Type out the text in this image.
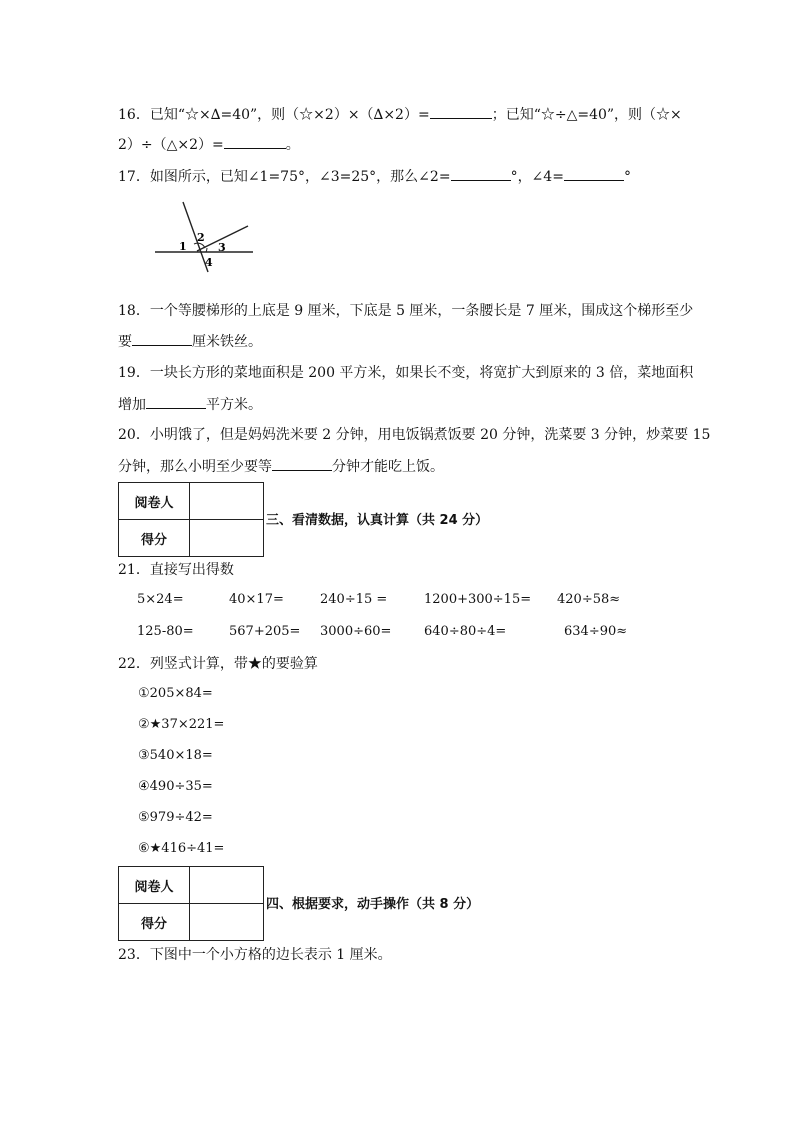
16．已知“☆×∆=40”，则（☆×2）×（∆×2）=	；已知“☆÷△=40”，则（☆×
2）÷（△×2）=	。
17．如图所示，已知∠1=75°，∠3=25°，那么∠2=	°，∠4=	°
1
2
3
4
18．一个等腰梯形的上底是 9 厘米，下底是 5 厘米，一条腰长是 7 厘米，围成这个梯形至少
要	厘米铁丝。
19．一块长方形的菜地面积是 200 平方米，如果长不变，将宽扩大到原来的 3 倍，菜地面积
增加	平方米。
20．小明饿了，但是妈妈洗米要 2 分钟，用电饭锅煮饭要 20 分钟，洗菜要 3 分钟，炒菜要 15
分钟，那么小明至少要等	分钟才能吃上饭。
阅卷人	
得分	
三、看清数据，认真计算（共 24 分）
21．直接写出得数
5×24=	40×17=	240÷15 =	1200+300÷15= 420÷58≈
125-80=	567+205= 3000÷60=	640÷80÷4=	634÷90≈
22．列竖式计算，带★的要验算
①205×84=
②★37×221=
③540×18=
④490÷35=
⑤979÷42=
⑥★416÷41=
阅卷人	
得分	
四、根据要求，动手操作（共 8 分）
23．下图中一个小方格的边长表示 1 厘米。
